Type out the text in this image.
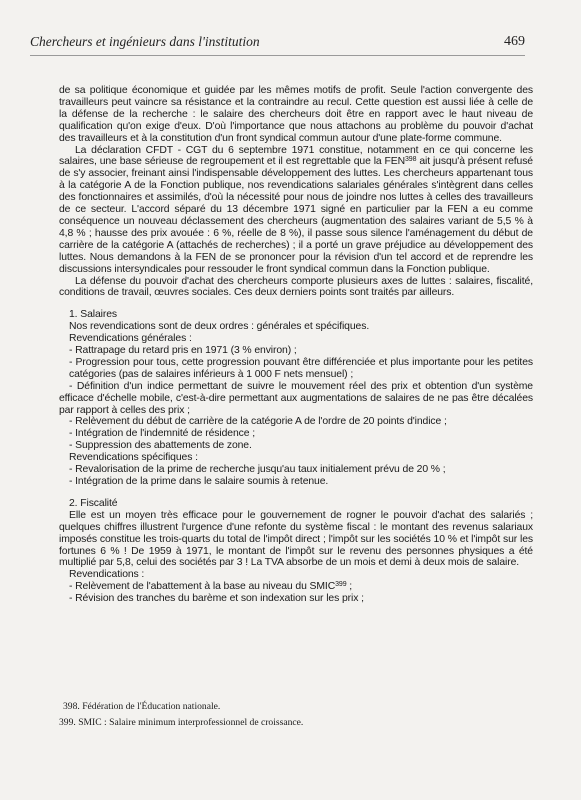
Chercheurs et ingénieurs dans l'institution	469

de sa politique économique et guidée par les mêmes motifs de profit. Seule l'action convergente des travailleurs peut vaincre sa résistance et la contraindre au recul. Cette question est aussi liée à celle de la défense de la recherche : le salaire des chercheurs doit être en rapport avec le haut niveau de qualification qu'on exige d'eux. D'où l'importance que nous attachons au problème du pouvoir d'achat des travailleurs et à la constitution d'un front syndical commun autour d'une plate-forme commune.

La déclaration CFDT - CGT du 6 septembre 1971 constitue, notamment en ce qui concerne les salaires, une base sérieuse de regroupement et il est regrettable que la FEN$^{398}$ ait jusqu'à présent refusé de s'y associer, freinant ainsi l'indispensable développement des luttes. Les chercheurs appartenant tous à la catégorie A de la Fonction publique, nos revendications salariales générales s'intègrent dans celles des fonctionnaires et assimilés, d'où la nécessité pour nous de joindre nos luttes à celles des travailleurs de ce secteur. L'accord séparé du 13 décembre 1971 signé en particulier par la FEN a eu comme conséquence un nouveau déclassement des chercheurs (augmentation des salaires variant de 5,5 % à 4,8 % ; hausse des prix avouée : 6 %, réelle de 8 %), il passe sous silence l'aménagement du début de carrière de la catégorie A (attachés de recherches) ; il a porté un grave préjudice au développement des luttes. Nous demandons à la FEN de se prononcer pour la révision d'un tel accord et de reprendre les discussions intersyndicales pour ressouder le front syndical commun dans la Fonction publique.

La défense du pouvoir d'achat des chercheurs comporte plusieurs axes de luttes : salaires, fiscalité, conditions de travail, œuvres sociales. Ces deux derniers points sont traités par ailleurs.

1. Salaires

Nos revendications sont de deux ordres : générales et spécifiques.

Revendications générales :

- Rattrapage du retard pris en 1971 (3 % environ) ;

- Progression pour tous, cette progression pouvant être différenciée et plus importante pour les petites catégories (pas de salaires inférieurs à 1 000 F nets mensuel) ;

- Définition d'un indice permettant de suivre le mouvement réel des prix et obtention d'un système efficace d'échelle mobile, c'est-à-dire permettant aux augmentations de salaires de ne pas être décalées par rapport à celles des prix ;

- Relèvement du début de carrière de la catégorie A de l'ordre de 20 points d'indice ;

- Intégration de l'indemnité de résidence ;

- Suppression des abattements de zone.

Revendications spécifiques :

- Revalorisation de la prime de recherche jusqu'au taux initialement prévu de 20 % ;

- Intégration de la prime dans le salaire soumis à retenue.

2. Fiscalité

Elle est un moyen très efficace pour le gouvernement de rogner le pouvoir d'achat des salariés ; quelques chiffres illustrent l'urgence d'une refonte du système fiscal : le montant des revenus salariaux imposés constitue les trois-quarts du total de l'impôt direct ; l'impôt sur les sociétés 10 % et l'impôt sur les fortunes 6 % ! De 1959 à 1971, le montant de l'impôt sur le revenu des personnes physiques a été multiplié par 5,8, celui des sociétés par 3 ! La TVA absorbe de un mois et demi à deux mois de salaire.

Revendications :

- Relèvement de l'abattement à la base au niveau du SMIC$^{399}$ ;

- Révision des tranches du barème et son indexation sur les prix ;

398. Fédération de l'Éducation nationale.

399. SMIC : Salaire minimum interprofessionnel de croissance.
